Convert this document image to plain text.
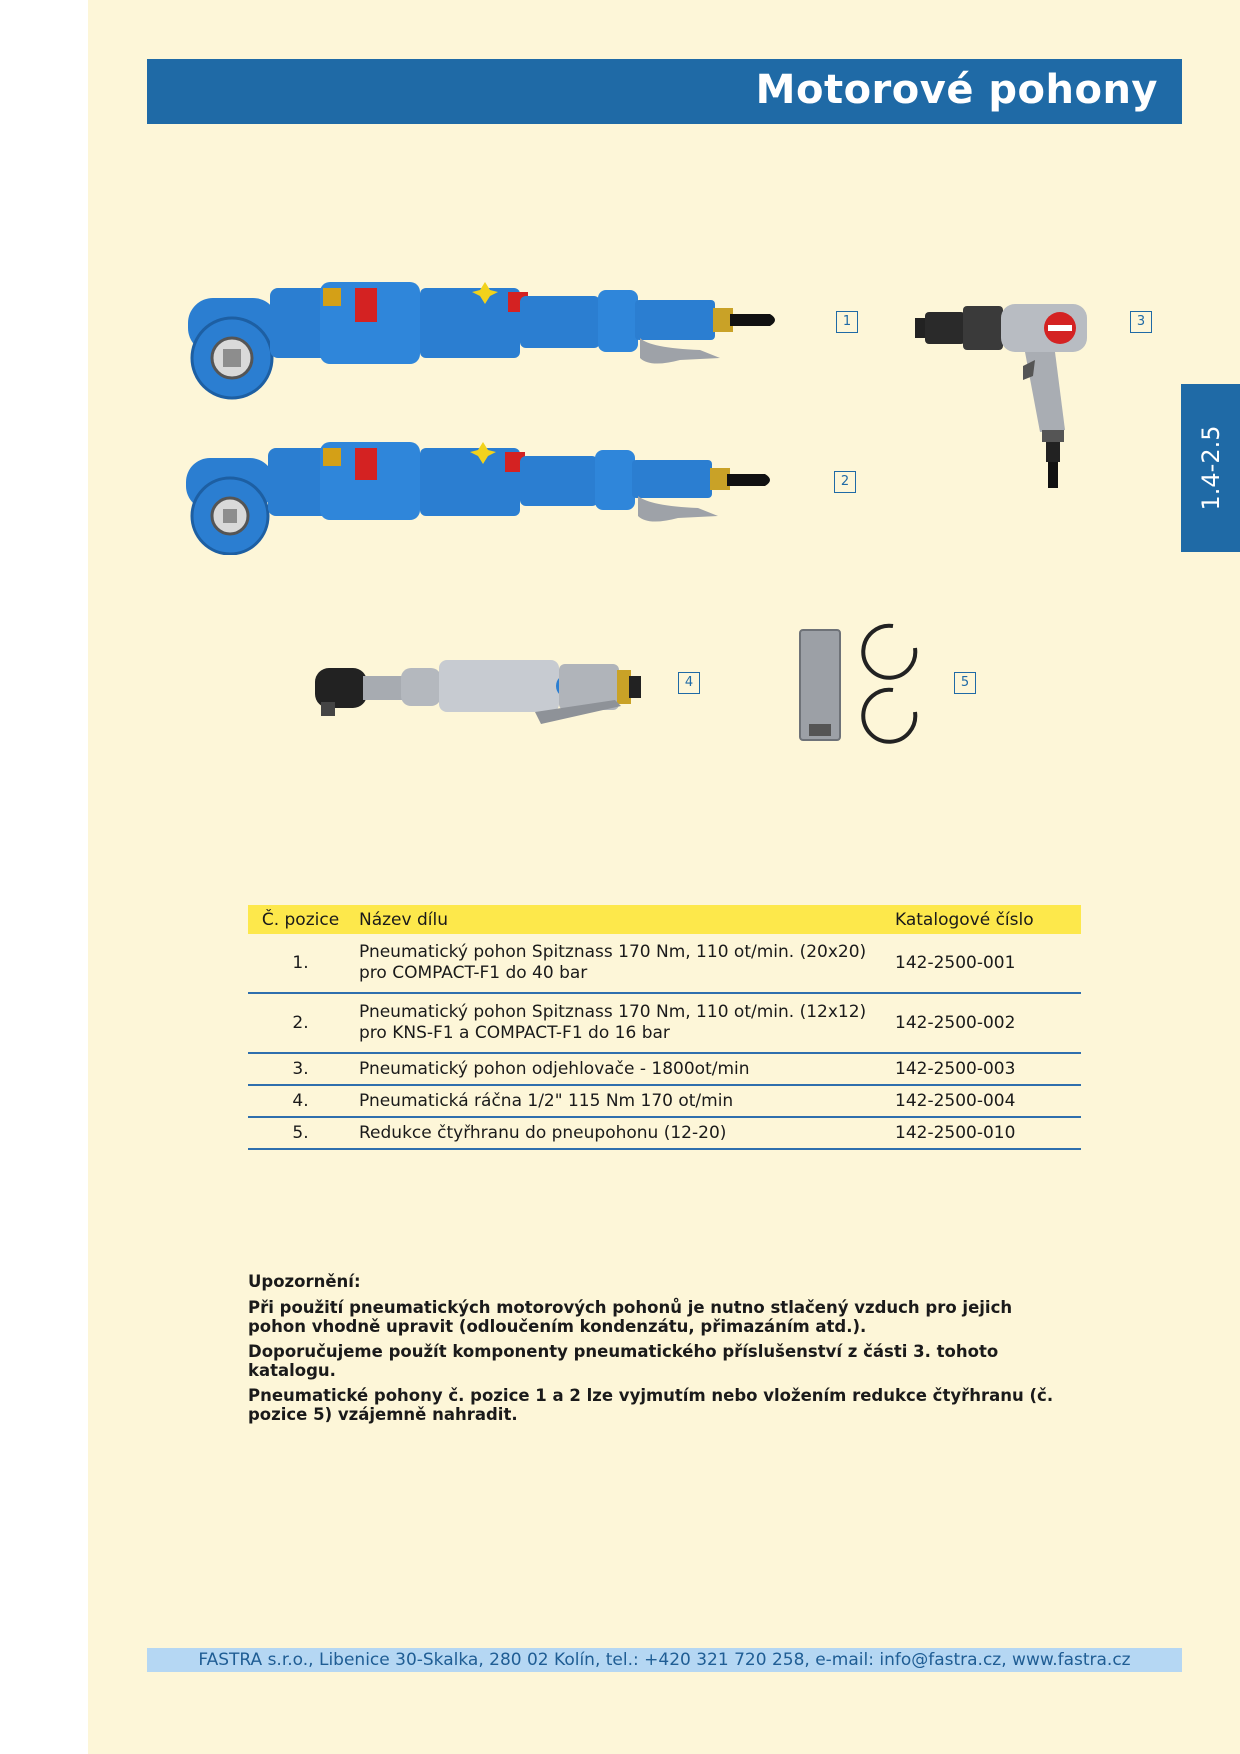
Motorové pohony
1.4-2.5
1
2
3
4	5
Č. pozice	Název dílu	Katalogové číslo
1.	Pneumatický pohon Spitznass 170 Nm, 110 ot/min. (20x20)
pro COMPACT-F1 do 40 bar	142-2500-001
2.	Pneumatický pohon Spitznass 170 Nm, 110 ot/min. (12x12)
pro KNS-F1 a COMPACT-F1 do 16 bar	142-2500-002
3.	Pneumatický pohon odjehlovače - 1800ot/min	142-2500-003
4.	Pneumatická ráčna 1/2" 115 Nm 170 ot/min	142-2500-004
5.	Redukce čtyřhranu do pneupohonu (12-20)	142-2500-010

Upozornění:

Při použití pneumatických motorových pohonů je nutno stlačený vzduch pro jejich pohon vhodně upravit (odloučením kondenzátu, přimazáním atd.).

Doporučujeme použít komponenty pneumatického příslušenství z části 3. tohoto katalogu.

Pneumatické pohony č. pozice 1 a 2 lze vyjmutím nebo vložením redukce čtyřhranu (č. pozice 5) vzájemně nahradit.

FASTRA s.r.o., Libenice 30-Skalka, 280 02 Kolín, tel.: +420 321 720 258, e-mail: info@fastra.cz, www.fastra.cz
